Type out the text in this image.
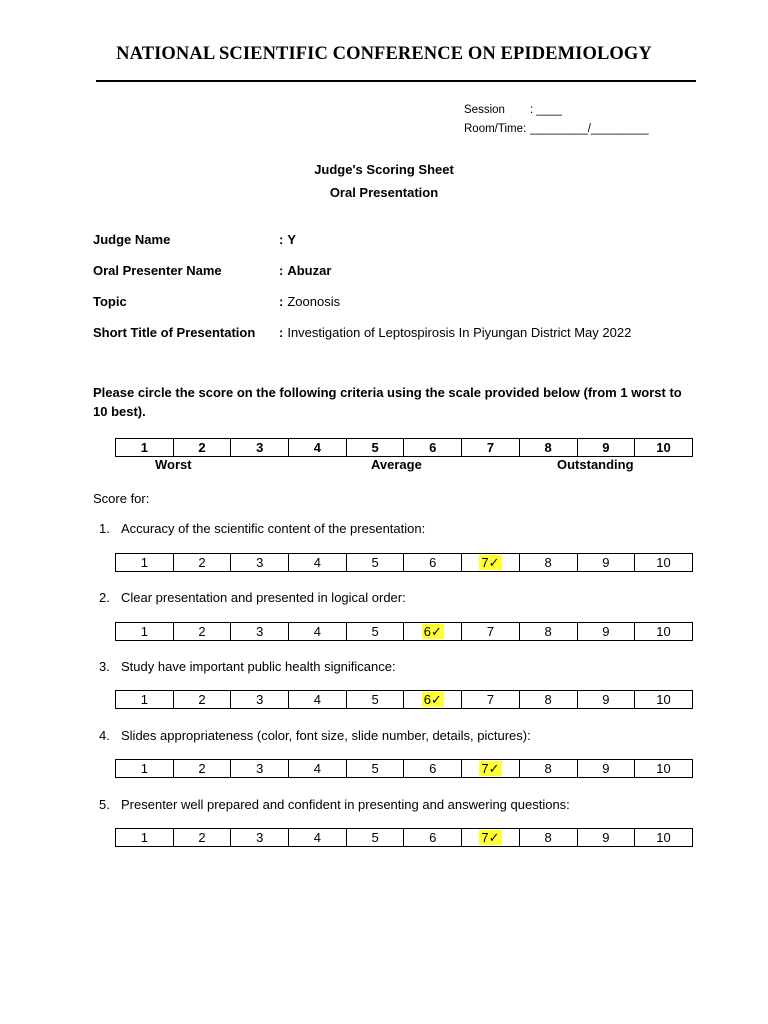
NATIONAL SCIENTIFIC CONFERENCE ON EPIDEMIOLOGY
Session	: ____
Room/Time: _________/_________
Judge's Scoring Sheet
Oral Presentation
Judge Name	: Y
Oral Presenter Name	: Abuzar
Topic	: Zoonosis
Short Title of Presentation	: Investigation of Leptospirosis In Piyungan District May 2022
Please circle the score on the following criteria using the scale provided below (from 1 worst to 10 best).
1	2	3	4	5	6	7	8	9	10
Worst	Average	Outstanding
Score for:
1. Accuracy of the scientific content of the presentation:
1	2	3	4	5	6	7✓	8	9	10
2. Clear presentation and presented in logical order:
1	2	3	4	5	6✓	7	8	9	10
3. Study have important public health significance:
1	2	3	4	5	6✓	7	8	9	10
4. Slides appropriateness (color, font size, slide number, details, pictures):
1	2	3	4	5	6	7✓	8	9	10
5. Presenter well prepared and confident in presenting and answering questions:
1	2	3	4	5	6	7✓	8	9	10
